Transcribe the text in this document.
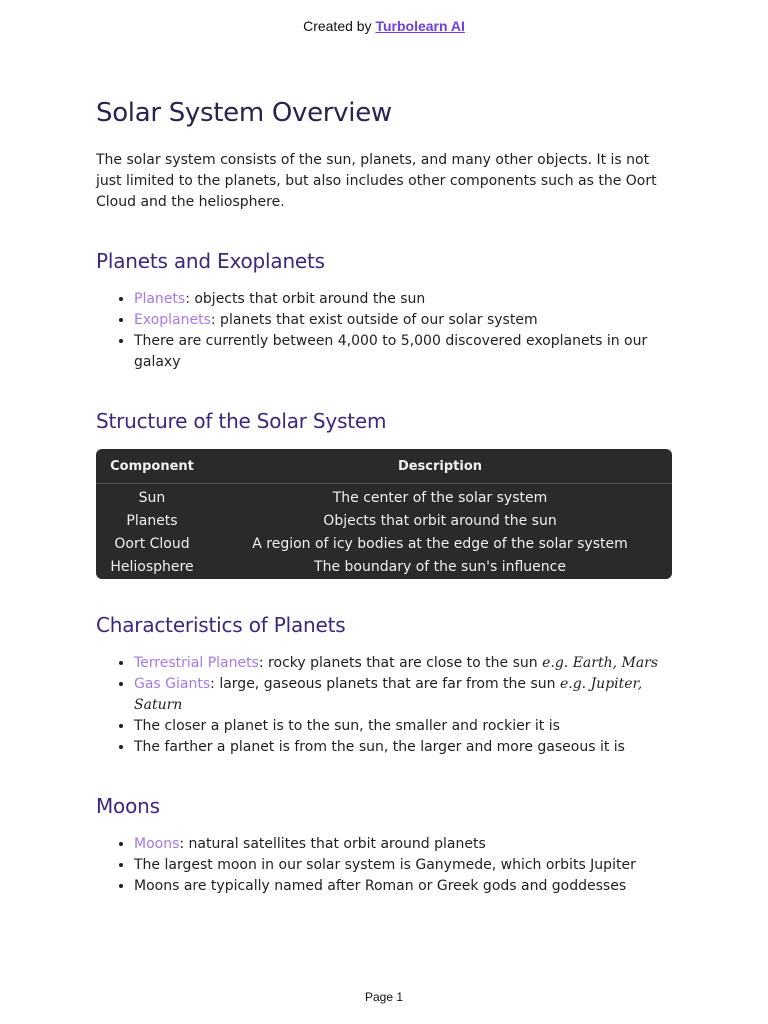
Created by Turbolearn AI
Solar System Overview

The solar system consists of the sun, planets, and many other objects. It is not just limited to the planets, but also includes other components such as the Oort Cloud and the heliosphere.

Planets and Exoplanets
• Planets: objects that orbit around the sun
• Exoplanets: planets that exist outside of our solar system
• There are currently between 4,000 to 5,000 discovered exoplanets in our galaxy
Structure of the Solar System
Component	Description
Sun	The center of the solar system
Planets	Objects that orbit around the sun
Oort Cloud	A region of icy bodies at the edge of the solar system
Heliosphere	The boundary of the sun's influence
Characteristics of Planets
• Terrestrial Planets: rocky planets that are close to the sun e.g. Earth, Mars
• Gas Giants: large, gaseous planets that are far from the sun e.g. Jupiter, Saturn
• The closer a planet is to the sun, the smaller and rockier it is
• The farther a planet is from the sun, the larger and more gaseous it is
Moons
• Moons: natural satellites that orbit around planets
• The largest moon in our solar system is Ganymede, which orbits Jupiter
• Moons are typically named after Roman or Greek gods and goddesses
Page 1
